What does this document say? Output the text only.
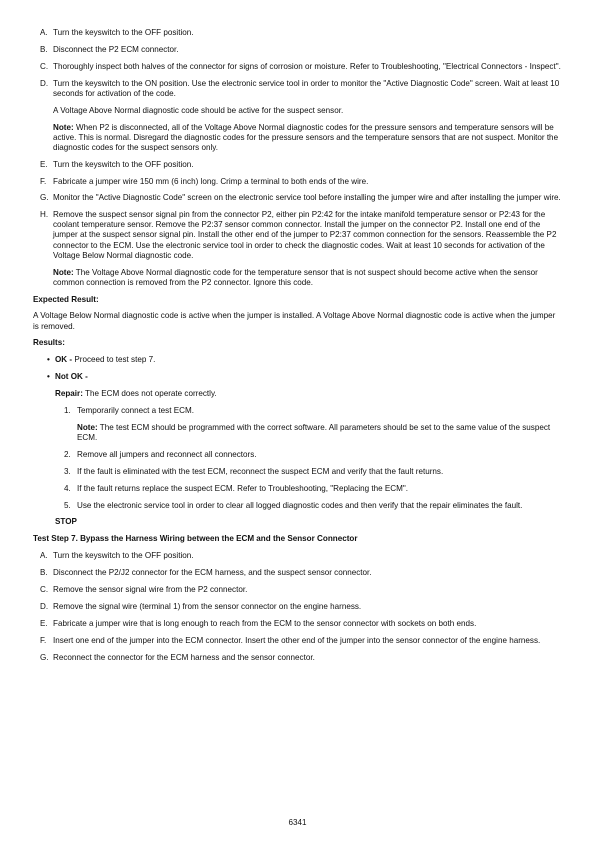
A. Turn the keyswitch to the OFF position.
B. Disconnect the P2 ECM connector.
C. Thoroughly inspect both halves of the connector for signs of corrosion or moisture. Refer to Troubleshooting, "Electrical Connectors - Inspect".
D. Turn the keyswitch to the ON position. Use the electronic service tool in order to monitor the "Active Diagnostic Code" screen. Wait at least 10 seconds for activation of the code.
A Voltage Above Normal diagnostic code should be active for the suspect sensor.
Note: When P2 is disconnected, all of the Voltage Above Normal diagnostic codes for the pressure sensors and temperature sensors will be active. This is normal. Disregard the diagnostic codes for the pressure sensors and the temperature sensors that are not suspect. Monitor the diagnostic codes for the suspect sensors only.
E. Turn the keyswitch to the OFF position.
F. Fabricate a jumper wire 150 mm (6 inch) long. Crimp a terminal to both ends of the wire.
G. Monitor the "Active Diagnostic Code" screen on the electronic service tool before installing the jumper wire and after installing the jumper wire.
H. Remove the suspect sensor signal pin from the connector P2, either pin P2:42 for the intake manifold temperature sensor or P2:43 for the coolant temperature sensor. Remove the P2:37 sensor common connector. Install the jumper on the connector P2. Install one end of the jumper at the suspect sensor signal pin. Install the other end of the jumper to P2:37 common connection for the sensors. Reassemble the P2 connector to the ECM. Use the electronic service tool in order to check the diagnostic codes. Wait at least 10 seconds for activation of the Voltage Below Normal diagnostic code.
Note: The Voltage Above Normal diagnostic code for the temperature sensor that is not suspect should become active when the sensor common connection is removed from the P2 connector. Ignore this code.
Expected Result:
A Voltage Below Normal diagnostic code is active when the jumper is installed. A Voltage Above Normal diagnostic code is active when the jumper is removed.
Results:
• OK - Proceed to test step 7.
• Not OK -
Repair: The ECM does not operate correctly.
1. Temporarily connect a test ECM.
Note: The test ECM should be programmed with the correct software. All parameters should be set to the same value of the suspect ECM.
2. Remove all jumpers and reconnect all connectors.
3. If the fault is eliminated with the test ECM, reconnect the suspect ECM and verify that the fault returns.
4. If the fault returns replace the suspect ECM. Refer to Troubleshooting, "Replacing the ECM".
5. Use the electronic service tool in order to clear all logged diagnostic codes and then verify that the repair eliminates the fault.
STOP
Test Step 7. Bypass the Harness Wiring between the ECM and the Sensor Connector
A. Turn the keyswitch to the OFF position.
B. Disconnect the P2/J2 connector for the ECM harness, and the suspect sensor connector.
C. Remove the sensor signal wire from the P2 connector.
D. Remove the signal wire (terminal 1) from the sensor connector on the engine harness.
E. Fabricate a jumper wire that is long enough to reach from the ECM to the sensor connector with sockets on both ends.
F. Insert one end of the jumper into the ECM connector. Insert the other end of the jumper into the sensor connector of the engine harness.
G. Reconnect the connector for the ECM harness and the sensor connector.
6341
